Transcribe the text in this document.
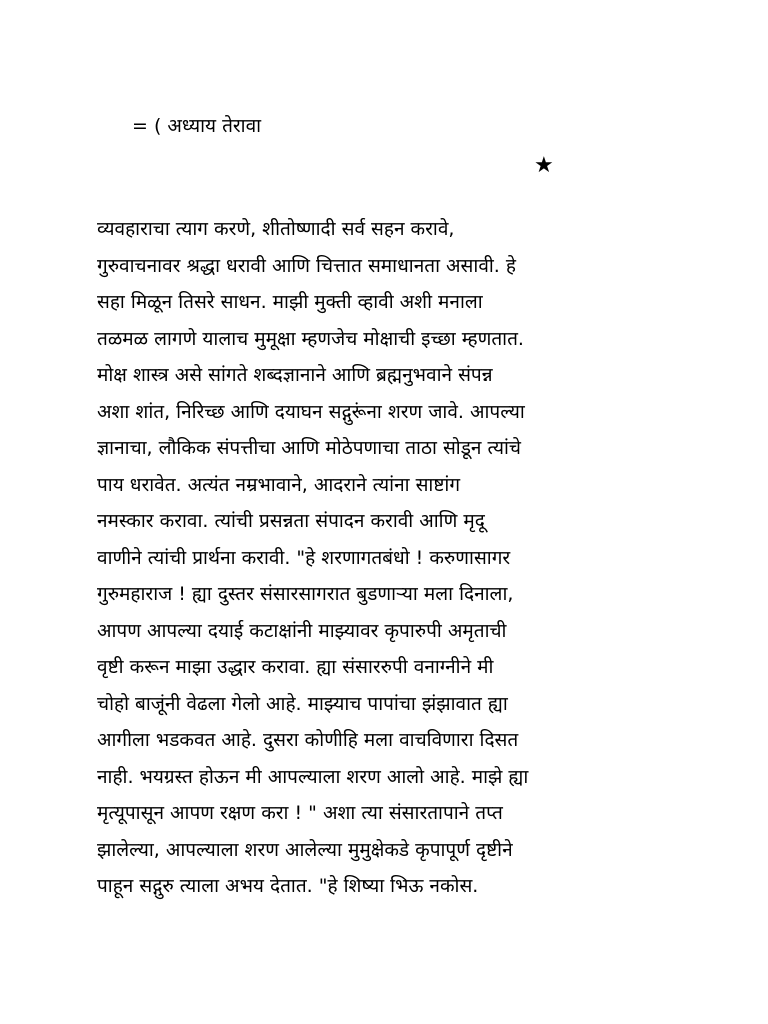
= ( अध्याय तेरावा
★
व्यवहाराचा त्याग करणे, शीतोष्णादी सर्व सहन करावे,
गुरुवाचनावर श्रद्धा धरावी आणि चित्तात समाधानता असावी. हे
सहा मिळून तिसरे साधन. माझी मुक्ती व्हावी अशी मनाला
तळमळ लागणे यालाच मुमूक्षा म्हणजेच मोक्षाची इच्छा म्हणतात.
मोक्ष शास्त्र असे सांगते शब्दज्ञानाने आणि ब्रह्मनुभवाने संपन्न
अशा शांत, निरिच्छ आणि दयाघन सद्गुरूंना शरण जावे. आपल्या
ज्ञानाचा, लौकिक संपत्तीचा आणि मोठेपणाचा ताठा सोडून त्यांचे
पाय धरावेत. अत्यंत नम्रभावाने, आदराने त्यांना साष्टांग
नमस्कार करावा. त्यांची प्रसन्नता संपादन करावी आणि मृदू
वाणीने त्यांची प्रार्थना करावी. "हे शरणागतबंधो ! करुणासागर
गुरुमहाराज ! ह्या दुस्तर संसारसागरात बुडणाऱ्या मला दिनाला,
आपण आपल्या दयाई कटाक्षांनी माझ्यावर कृपारुपी अमृताची
वृष्टी करून माझा उद्धार करावा. ह्या संसाररुपी वनाग्नीने मी
चोहो बाजूंनी वेढला गेलो आहे. माझ्याच पापांचा झंझावात ह्या
आगीला भडकवत आहे. दुसरा कोणीहि मला वाचविणारा दिसत
नाही. भयग्रस्त होऊन मी आपल्याला शरण आलो आहे. माझे ह्या
मृत्यूपासून आपण रक्षण करा ! " अशा त्या संसारतापाने तप्त
झालेल्या, आपल्याला शरण आलेल्या मुमुक्षेकडे कृपापूर्ण दृष्टीने
पाहून सद्गुरु त्याला अभय देतात. "हे शिष्या भिऊ नकोस.
